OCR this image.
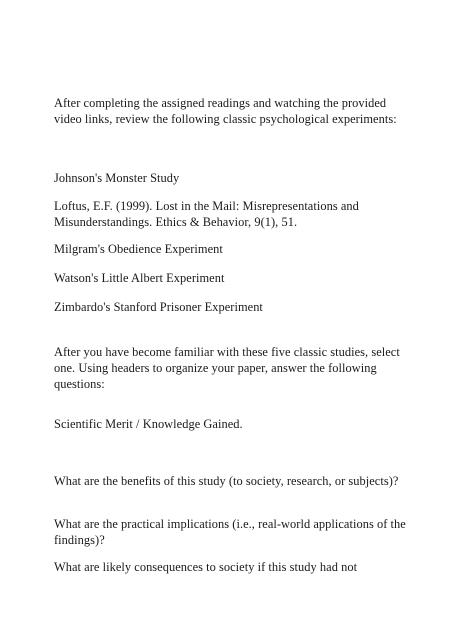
After completing the assigned readings and watching the provided video links, review the following classic psychological experiments:

Johnson's Monster Study

Loftus, E.F. (1999). Lost in the Mail: Misrepresentations and Misunderstandings. Ethics & Behavior, 9(1), 51.

Milgram's Obedience Experiment

Watson's Little Albert Experiment

Zimbardo's Stanford Prisoner Experiment

After you have become familiar with these five classic studies, select one. Using headers to organize your paper, answer the following questions:

Scientific Merit / Knowledge Gained.

What are the benefits of this study (to society, research, or subjects)?

What are the practical implications (i.e., real-world applications of the findings)?

What are likely consequences to society if this study had not
